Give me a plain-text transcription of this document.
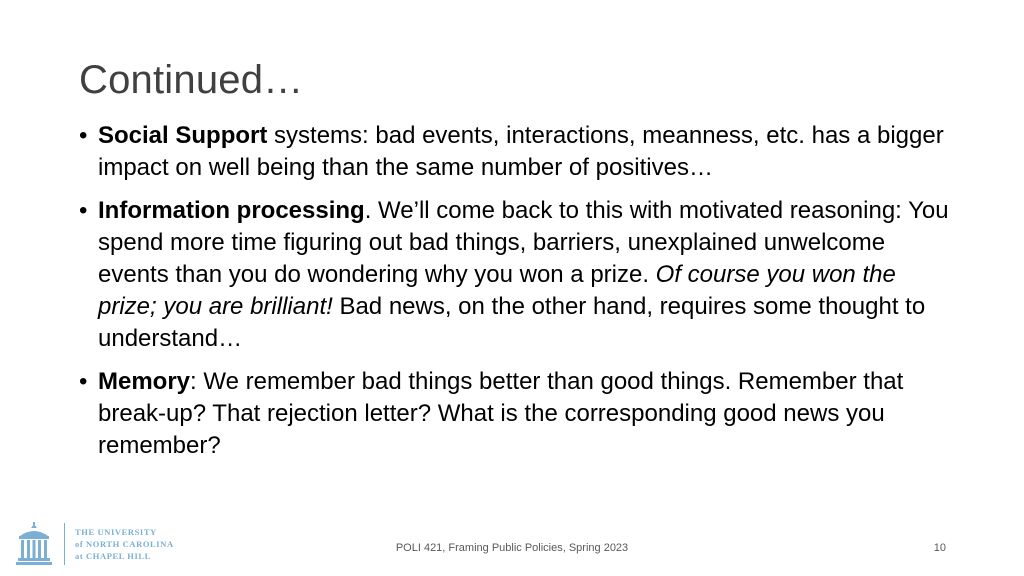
Continued…
• Social Support systems: bad events, interactions, meanness, etc. has a bigger impact on well being than the same number of positives…
• Information processing. We’ll come back to this with motivated reasoning: You spend more time figuring out bad things, barriers, unexplained unwelcome events than you do wondering why you won a prize. Of course you won the prize; you are brilliant! Bad news, on the other hand, requires some thought to understand…
• Memory: We remember bad things better than good things. Remember that break-up? That rejection letter? What is the corresponding good news you remember?
THE UNIVERSITY
of NORTH CAROLINA
at CHAPEL HILL
POLI 421, Framing Public Policies, Spring 2023	10
